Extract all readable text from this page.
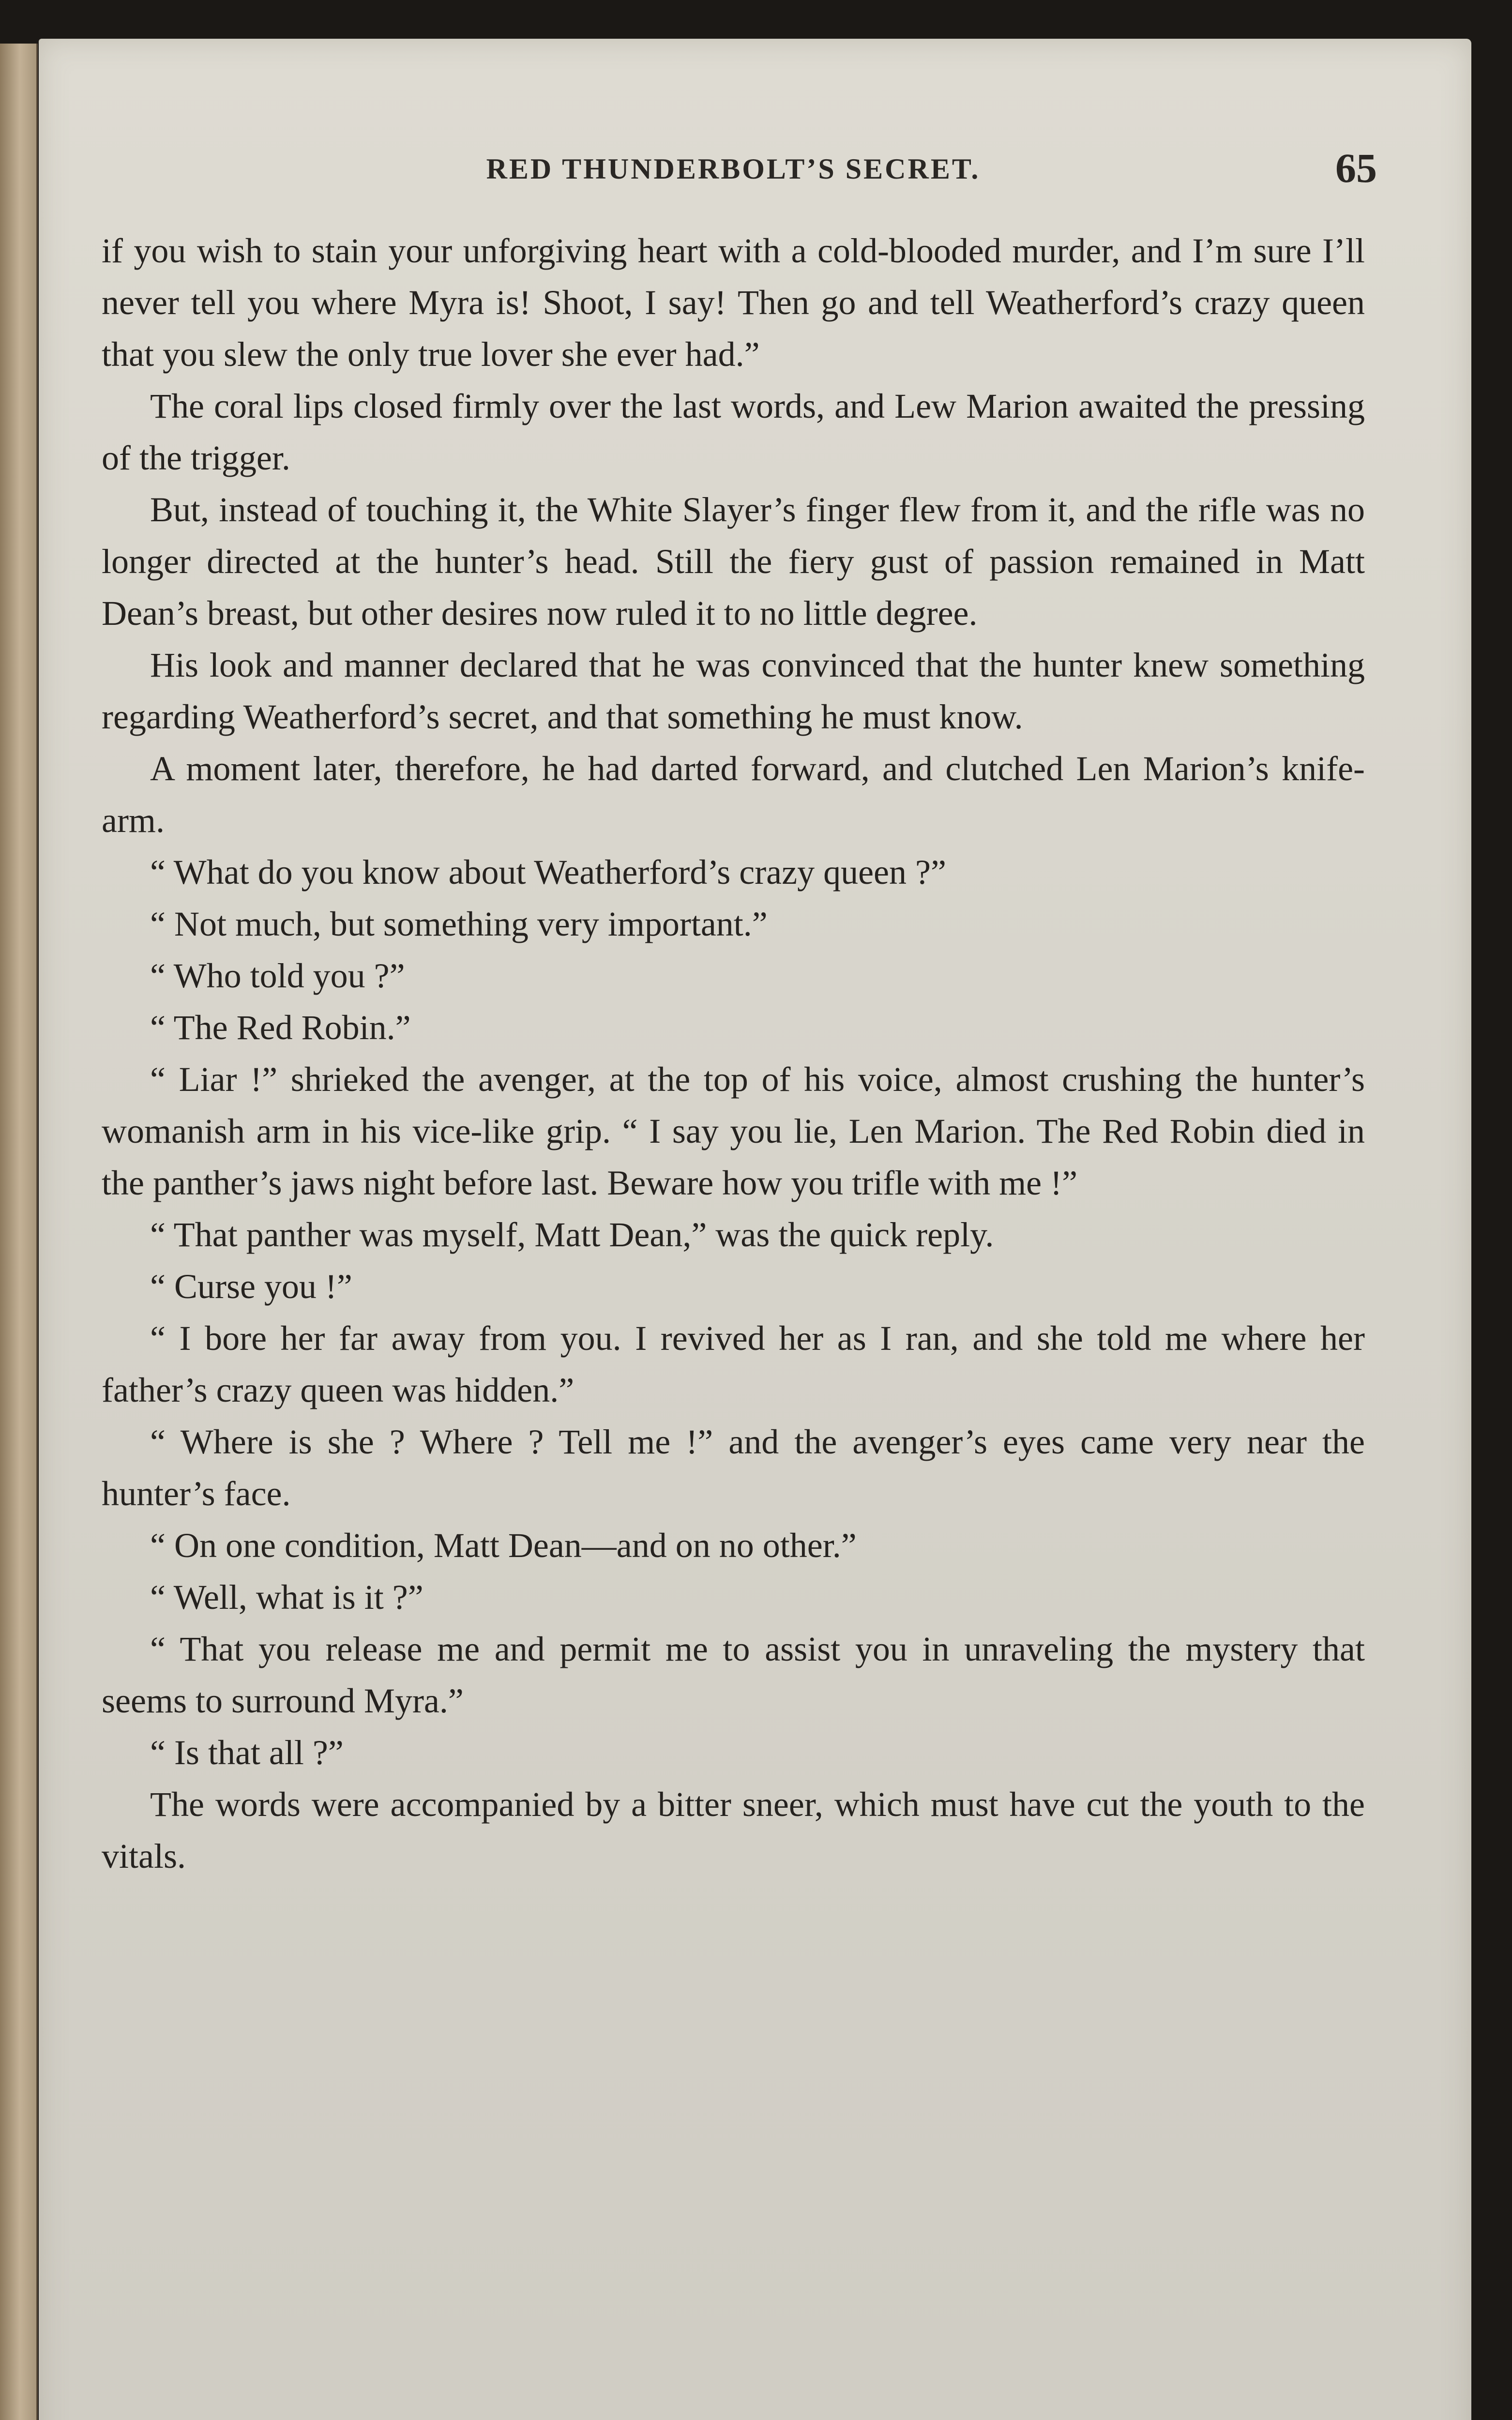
RED THUNDERBOLT’S SECRET.	65

if you wish to stain your unforgiving heart with a cold-blooded murder, and I’m sure I’ll never tell you where Myra is! Shoot, I say! Then go and tell Weatherford’s crazy queen that you slew the only true lover she ever had.”

The coral lips closed firmly over the last words, and Lew Marion awaited the pressing of the trigger.

But, instead of touching it, the White Slayer’s finger flew from it, and the rifle was no longer directed at the hunter’s head. Still the fiery gust of passion remained in Matt Dean’s breast, but other desires now ruled it to no little degree.

His look and manner declared that he was convinced that the hunter knew something regarding Weatherford’s secret, and that something he must know.

A moment later, therefore, he had darted forward, and clutched Len Marion’s knife-arm.

“ What do you know about Weatherford’s crazy queen ?”

“ Not much, but something very important.”

“ Who told you ?”

“ The Red Robin.”

“ Liar !” shrieked the avenger, at the top of his voice, almost crushing the hunter’s womanish arm in his vice-like grip. “ I say you lie, Len Marion. The Red Robin died in the panther’s jaws night before last. Beware how you trifle with me !”

“ That panther was myself, Matt Dean,” was the quick reply.

“ Curse you !”

“ I bore her far away from you. I revived her as I ran, and she told me where her father’s crazy queen was hidden.”

“ Where is she ? Where ? Tell me !” and the avenger’s eyes came very near the hunter’s face.

“ On one condition, Matt Dean—and on no other.”

“ Well, what is it ?”

“ That you release me and permit me to assist you in unraveling the mystery that seems to surround Myra.”

“ Is that all ?”

The words were accompanied by a bitter sneer, which must have cut the youth to the vitals.
